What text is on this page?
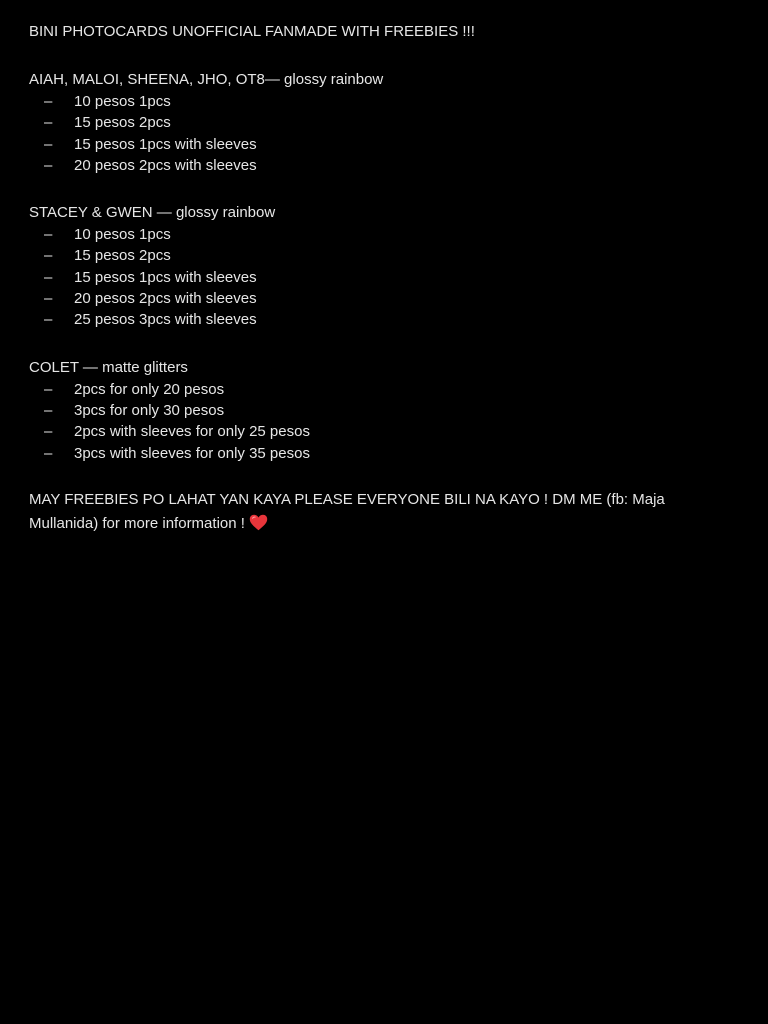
BINI PHOTOCARDS UNOFFICIAL FANMADE WITH FREEBIES !!!

AIAH, MALOI, SHEENA, JHO, OT8— glossy rainbow

– 10 pesos 1pcs
– 15 pesos 2pcs
– 15 pesos 1pcs with sleeves
– 20 pesos 2pcs with sleeves

STACEY & GWEN — glossy rainbow

– 10 pesos 1pcs
– 15 pesos 2pcs
– 15 pesos 1pcs with sleeves
– 20 pesos 2pcs with sleeves
– 25 pesos 3pcs with sleeves

COLET — matte glitters

– 2pcs for only 20 pesos
– 3pcs for only 30 pesos
– 2pcs with sleeves for only 25 pesos
– 3pcs with sleeves for only 35 pesos

MAY FREEBIES PO LAHAT YAN KAYA PLEASE EVERYONE BILI NA KAYO ! DM ME (fb: Maja Mullanida) for more information !
